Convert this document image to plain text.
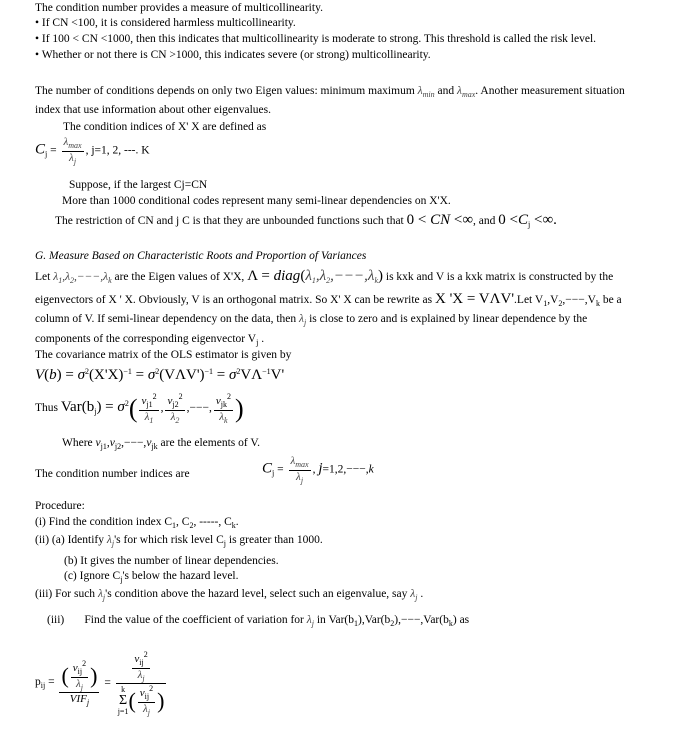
The condition number provides a measure of multicollinearity.
• If CN <100, it is considered harmless multicollinearity.
• If 100 < CN <1000, then this indicates that multicollinearity is moderate to strong. This threshold is called the risk level.
• Whether or not there is CN >1000, this indicates severe (or strong) multicollinearity.
The number of conditions depends on only two Eigen values: minimum maximum $\lambda_{min}$ and $\lambda_{max}$. Another measurement situation
index that use information about other eigenvalues.
The condition indices of X' X are defined as
$C_j = \frac{\lambda_{max}}{\lambda_j}$ , j=1, 2, ---. K
Suppose, if the largest Cj=CN
More than 1000 conditional codes represent many semi-linear dependencies on X'X.
The restriction of CN and j C is that they are unbounded functions such that 0 < CN <∞, and $0 <C_j$ <∞.
G. Measure Based on Characteristic Roots and Proportion of Variances
Let $\lambda_1,\lambda_2,---,\lambda_k$ are the Eigen values of X'X, $\Lambda = diag(\lambda_1,\lambda_2,---,\lambda_k)$ is kxk and V is a kxk matrix is constructed by the
eigenvectors of X ' X. Obviously, V is an orthogonal matrix. So X' X can be rewrite as X 'X = VΛV'.Let $V_1,V_2,---,V_k$ be a
column of V. If semi-linear dependency on the data, then $\lambda_j$ is close to zero and is explained by linear dependence by the
components of the corresponding eigenvector $V_j$ .
The covariance matrix of the OLS estimator is given by
$V(b) = \sigma^2(X'X)^{-1} = \sigma^2(V\Lambda V')^{-1} = \sigma^2V\Lambda^{-1}V'$
Thus $Var(b_j) = \sigma^2( \frac{v_{j1}^2}{\lambda_1}$ , $\frac{v_{j2}^2}{\lambda_2}$ ,−−−, $\frac{v_{jk}^2}{\lambda_k}$ )
Where $v_{j1},v_{j2},---,v_{jk}$ are the elements of V.
The condition number indices are	$C_j = \frac{\lambda_{max}}{\lambda_j}$ , j=1,2,−−−,k
Procedure:
(i) Find the condition index $C_1$, $C_2$, -----, $C_k$.
(ii) (a) Identify $\lambda_j's$ for which risk level $C_j$ is greater than 1000.
(b) It gives the number of linear dependencies.
(c) Ignore $C_j's$ below the hazard level.
(iii) For such $\lambda_j's$ condition above the hazard level, select such an eigenvalue, say $\lambda_j$ .
(iii) Find the value of the coefficient of variation for $\lambda_j$ in $Var(b_1),Var(b_2),---,Var(b_k)$ as
$p_{ij} = \frac{( \frac{v_{ij}^2}{\lambda_j} )}{VIF_j} = \frac{v_{ij}^2}{\lambda_j}$
k
Σ
j=1 ( $\frac{v_{ij}^2}{\lambda_j}$ )
